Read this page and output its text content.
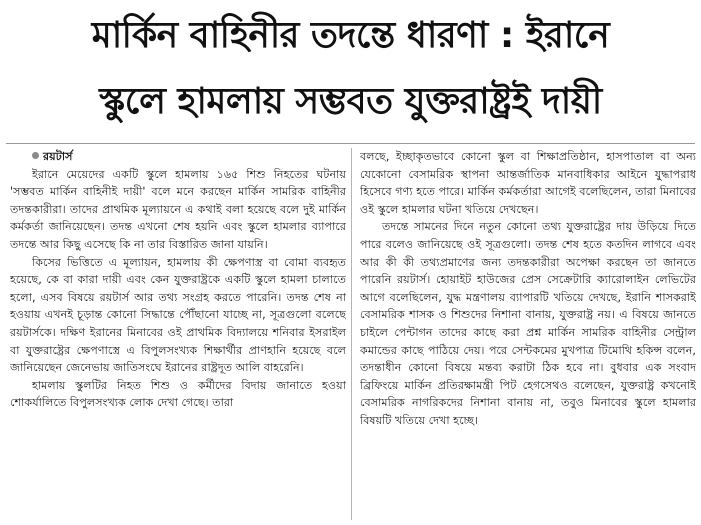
মার্কিন বাহিনীর তদন্তে ধারণা : ইরানে
স্কুলে হামলায় সম্ভবত যুক্তরাষ্ট্রই দায়ী

রয়টার্স

ইরানে মেয়েদের একটি স্কুলে হামলায় ১৬৫ শিশু নিহতের ঘটনায় 'সম্ভবত মার্কিন বাহিনীই দায়ী' বলে মনে করছেন মার্কিন সামরিক বাহিনীর তদন্তকারীরা। তাদের প্রাথমিক মূল্যায়নে এ কথাই বলা হয়েছে বলে দুই মার্কিন কর্মকর্তা জানিয়েছেন। তদন্ত এখনো শেষ হয়নি এবং স্কুলে হামলার ব্যাপারে তদন্তে আর কিছু এসেছে কি না তার বিস্তারিত জানা যায়নি।

কিসের ভিত্তিতে এ মূল্যায়ন, হামলায় কী ক্ষেপণাস্ত্র বা বোমা ব্যবহৃত হয়েছে, কে বা কারা দায়ী এবং কেন যুক্তরাষ্ট্রকে একটি স্কুলে হামলা চালাতে হলো, এসব বিষয়ে রয়টার্স আর তথ্য সংগ্রহ করতে পারেনি। তদন্ত শেষ না হওয়ায় এখনই চূড়ান্ত কোনো সিদ্ধান্তে পৌঁছানো যাচ্ছে না, সূত্রগুলো বলেছে রয়টার্সকে। দক্ষিণ ইরানের মিনাবের ওই প্রাথমিক বিদ্যালয়ে শনিবার ইসরাইল বা যুক্তরাষ্ট্রের ক্ষেপণাস্ত্রে এ বিপুলসংখ্যক শিক্ষার্থীর প্রাণহানি হয়েছে বলে জানিয়েছেন জেনেভায় জাতিসংঘে ইরানের রাষ্ট্রদূত আলি বাহরেনি।

হামলায় স্কুলটির নিহত শিশু ও কর্মীদের বিদায় জানাতে হওয়া শোকর্যালিতে বিপুলসংখ্যক লোক দেখা গেছে। তারা

বলছে, ইচ্ছাকৃতভাবে কোনো স্কুল বা শিক্ষাপ্রতিষ্ঠান, হাসপাতাল বা অন্য যেকোনো বেসামরিক স্থাপনা আন্তর্জাতিক মানবাধিকার আইনে যুদ্ধাপরাধ হিসেবে গণ্য হতে পারে। মার্কিন কর্মকর্তারা আগেই বলেছিলেন, তারা মিনাবের ওই স্কুলে হামলার ঘটনা খতিয়ে দেখছেন।

তদন্তে সামনের দিনে নতুন কোনো তথ্য যুক্তরাষ্ট্রের দায় উড়িয়ে দিতে পারে বলেও জানিয়েছে ওই সূত্রগুলো। তদন্ত শেষ হতে কতদিন লাগবে এবং আর কী কী তথ্যপ্রমাণের জন্য তদন্তকারীরা অপেক্ষা করছেন তা জানতে পারেনি রয়টার্স। হোয়াইট হাউজের প্রেস সেক্রেটারি ক্যারোলাইন লেভিটের আগে বলেছিলেন, যুদ্ধ মন্ত্রণালয় ব্যাপারটি খতিয়ে দেখছে, ইরানি শাসকরাই বেসামরিক শাসক ও শিশুদের নিশানা বানায়, যুক্তরাষ্ট্র নয়। এ বিষয়ে জানতে চাইলে পেন্টাগন তাদের কাছে করা প্রশ্ন মার্কিন সামরিক বাহিনীর সেন্ট্রাল কমান্ডের কাছে পাঠিয়ে দেয়। পরে সেন্টকমের মুখপাত্র টিমোথি হকিন্স বলেন, তদন্তাধীন কোনো বিষয়ে মন্তব্য করাটা ঠিক হবে না। বুধবার এক সংবাদ ব্রিফিংয়ে মার্কিন প্রতিরক্ষামন্ত্রী পিট হেগসেথও বলেছেন, যুক্তরাষ্ট্র কখনোই বেসামরিক নাগরিকদের নিশানা বানায় না, তবুও মিনাবের স্কুলে হামলার বিষয়টি খতিয়ে দেখা হচ্ছে।
